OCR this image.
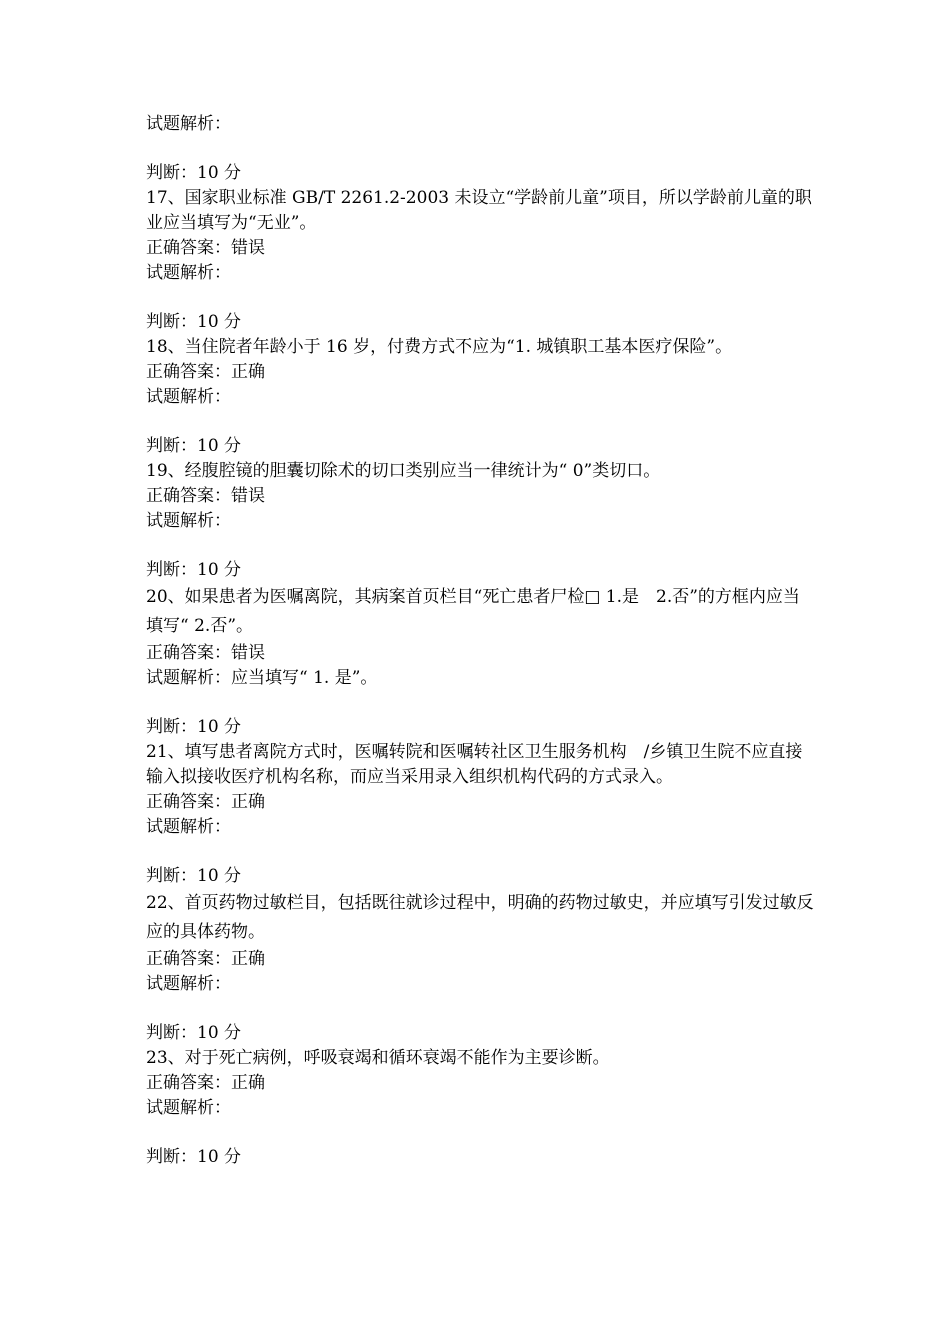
试题解析：
判断：10 分
17、国家职业标准 GB/T 2261.2-2003 未设立“学龄前儿童”项目，所以学龄前儿童的职业应当填写为“无业”。
正确答案：错误
试题解析：
判断：10 分
18、当住院者年龄小于 16 岁，付费方式不应为“1. 城镇职工基本医疗保险”。
正确答案：正确
试题解析：
判断：10 分
19、经腹腔镜的胆囊切除术的切口类别应当一律统计为“ 0”类切口。
正确答案：错误
试题解析：
判断：10 分
20、如果患者为医嘱离院，其病案首页栏目“死亡患者尸检□ 1.是　2.否”的方框内应当填写“ 2.否”。
正确答案：错误
试题解析：应当填写“ 1. 是”。
判断：10 分
21、填写患者离院方式时，医嘱转院和医嘱转社区卫生服务机构　/乡镇卫生院不应直接输入拟接收医疗机构名称，而应当采用录入组织机构代码的方式录入。
正确答案：正确
试题解析：
判断：10 分
22、首页药物过敏栏目，包括既往就诊过程中，明确的药物过敏史，并应填写引发过敏反应的具体药物。
正确答案：正确
试题解析：
判断：10 分
23、对于死亡病例，呼吸衰竭和循环衰竭不能作为主要诊断。
正确答案：正确
试题解析：
判断：10 分
